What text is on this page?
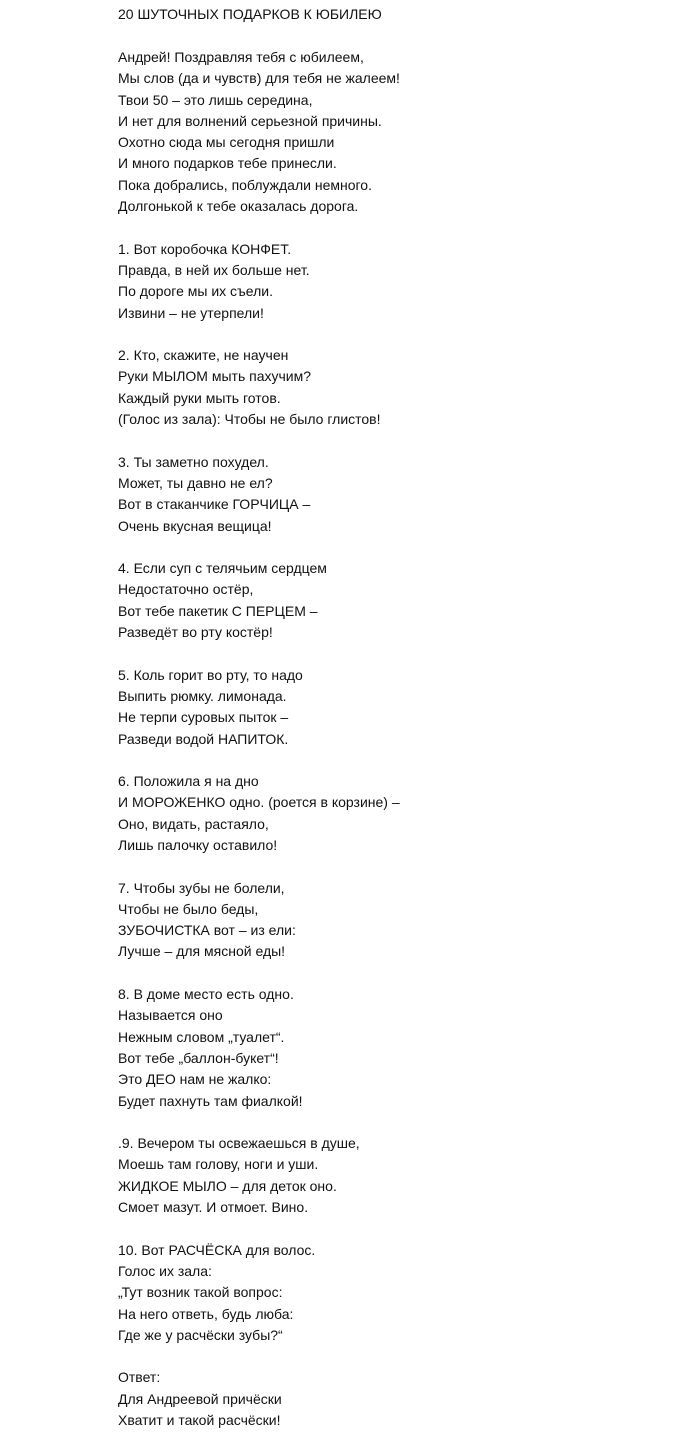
20 ШУТОЧНЫХ ПОДАРКОВ К ЮБИЛЕЮ
Андрей! Поздравляя тебя с юбилеем,
Мы слов (да и чувств) для тебя не жалеем!
Твои 50 – это лишь середина,
И нет для волнений серьезной причины.
Охотно сюда мы сегодня пришли
И много подарков тебе принесли.
Пока добрались, поблуждали немного.
Долгонькой к тебе оказалась дорога.
1. Вот коробочка КОНФЕТ.
Правда, в ней их больше нет.
По дороге мы их съели.
Извини – не утерпели!
2. Кто, скажите, не научен
Руки МЫЛОМ мыть пахучим?
Каждый руки мыть готов.
(Голос из зала): Чтобы не было глистов!
3. Ты заметно похудел.
Может, ты давно не ел?
Вот в стаканчике ГОРЧИЦА –
Очень вкусная вещица!
4. Если суп с телячьим сердцем
Недостаточно остёр,
Вот тебе пакетик С ПЕРЦЕМ –
Разведёт во рту костёр!
5. Коль горит во рту, то надо
Выпить рюмку. лимонада.
Не терпи суровых пыток –
Разведи водой НАПИТОК.
6. Положила я на дно
И МОРОЖЕНКО одно. (роется в корзине) –
Оно, видать, растаяло,
Лишь палочку оставило!
7. Чтобы зубы не болели,
Чтобы не было беды,
ЗУБОЧИСТКА вот – из ели:
Лучше – для мясной еды!
8. В доме место есть одно.
Называется оно
Нежным словом „туалет“.
Вот тебе „баллон-букет“!
Это ДЕО нам не жалко:
Будет пахнуть там фиалкой!
.9. Вечером ты освежаешься в душе,
Моешь там голову, ноги и уши.
ЖИДКОЕ МЫЛО – для деток оно.
Смоет мазут. И отмоет. Вино.
10. Вот РАСЧЁСКА для волос.
Голос их зала:
„Тут возник такой вопрос:
На него ответь, будь люба:
Где же у расчёски зубы?“
Ответ:
Для Андреевой причёски
Хватит и такой расчёски!
